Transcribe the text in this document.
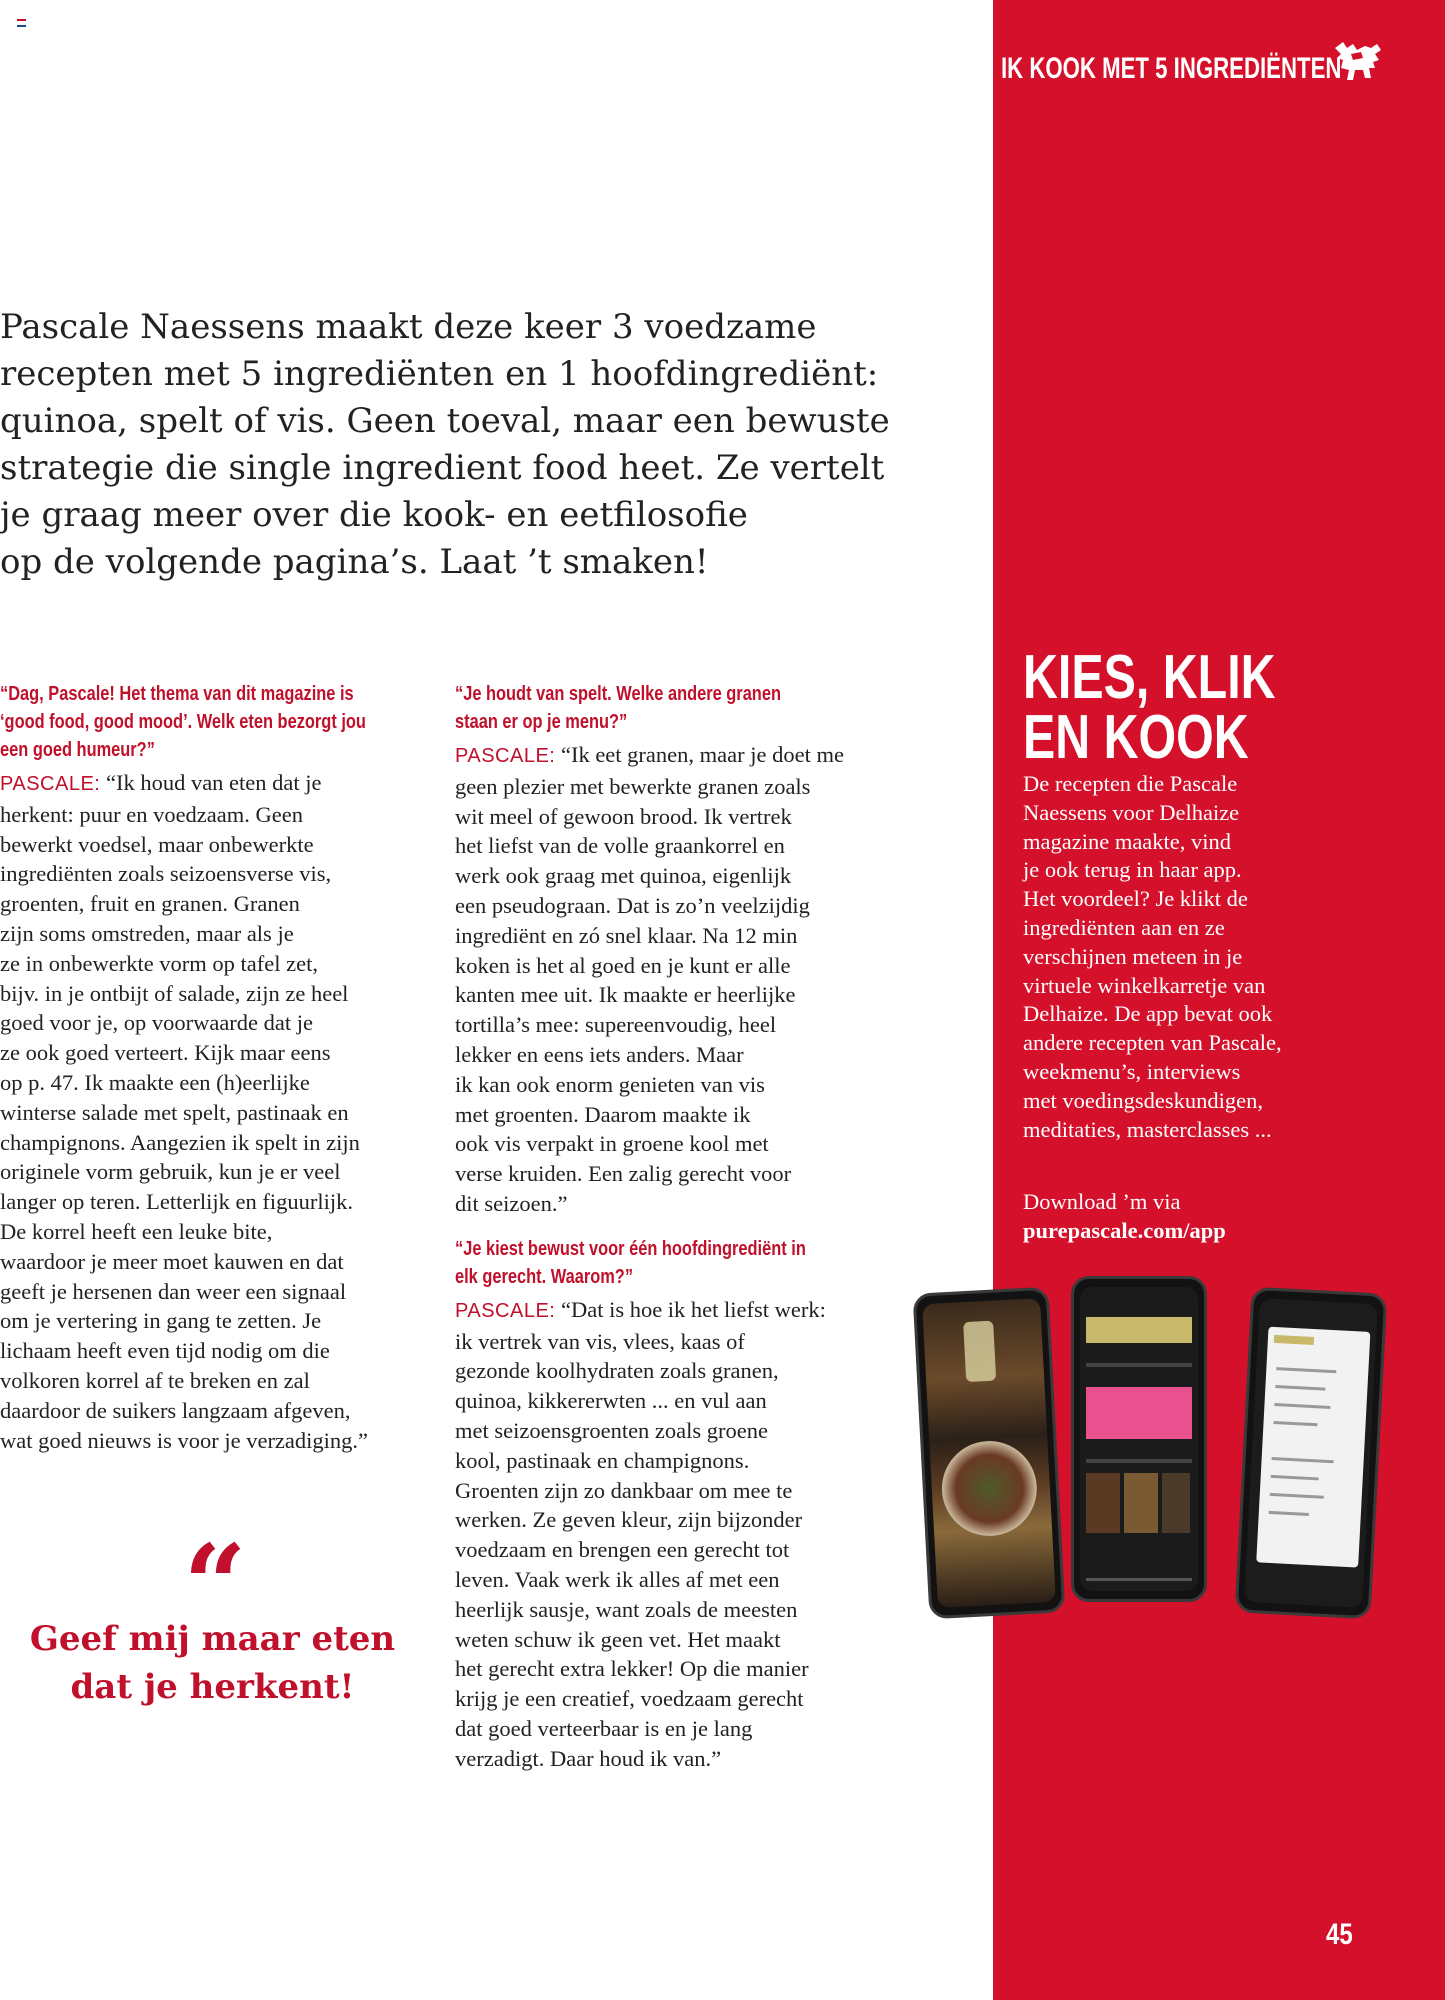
Pascale Naessens maakt deze keer 3 voedzame
recepten met 5 ingrediënten en 1 hoofdingrediënt:
quinoa, spelt of vis. Geen toeval, maar een bewuste
strategie die single ingredient food heet. Ze vertelt
je graag meer over die kook- en eetfilosofie
op de volgende pagina’s. Laat ’t smaken!

“Dag, Pascale! Het thema van dit magazine is
‘good food, good mood’. Welk eten bezorgt jou
een goed humeur?”

PASCALE: “Ik houd van eten dat je
herkent: puur en voedzaam. Geen
bewerkt voedsel, maar onbewerkte
ingrediënten zoals seizoensverse vis,
groenten, fruit en granen. Granen
zijn soms omstreden, maar als je
ze in onbewerkte vorm op tafel zet,
bijv. in je ontbijt of salade, zijn ze heel
goed voor je, op voorwaarde dat je
ze ook goed verteert. Kijk maar eens
op p. 47. Ik maakte een (h)eerlijke
winterse salade met spelt, pastinaak en
champignons. Aangezien ik spelt in zijn
originele vorm gebruik, kun je er veel
langer op teren. Letterlijk en figuurlijk.
De korrel heeft een leuke bite,
waardoor je meer moet kauwen en dat
geeft je hersenen dan weer een signaal
om je vertering in gang te zetten. Je
lichaam heeft even tijd nodig om die
volkoren korrel af te breken en zal
daardoor de suikers langzaam afgeven,
wat goed nieuws is voor je verzadiging.”

“Je houdt van spelt. Welke andere granen
staan er op je menu?”

PASCALE: “Ik eet granen, maar je doet me
geen plezier met bewerkte granen zoals
wit meel of gewoon brood. Ik vertrek
het liefst van de volle graankorrel en
werk ook graag met quinoa, eigenlijk
een pseudograan. Dat is zo’n veelzijdig
ingrediënt en zó snel klaar. Na 12 min
koken is het al goed en je kunt er alle
kanten mee uit. Ik maakte er heerlijke
tortilla’s mee: supereenvoudig, heel
lekker en eens iets anders. Maar
ik kan ook enorm genieten van vis
met groenten. Daarom maakte ik
ook vis verpakt in groene kool met
verse kruiden. Een zalig gerecht voor
dit seizoen.”

“Je kiest bewust voor één hoofdingrediënt in
elk gerecht. Waarom?”

PASCALE: “Dat is hoe ik het liefst werk:
ik vertrek van vis, vlees, kaas of
gezonde koolhydraten zoals granen,
quinoa, kikkererwten ... en vul aan
met seizoensgroenten zoals groene
kool, pastinaak en champignons.
Groenten zijn zo dankbaar om mee te
werken. Ze geven kleur, zijn bijzonder
voedzaam en brengen een gerecht tot
leven. Vaak werk ik alles af met een
heerlijk sausje, want zoals de meesten
weten schuw ik geen vet. Het maakt
het gerecht extra lekker! Op die manier
krijg je een creatief, voedzaam gerecht
dat goed verteerbaar is en je lang
verzadigt. Daar houd ik van.”

“

Geef mij maar eten
dat je herkent!

IK KOOK MET 5 INGREDIËNTEN

KIES, KLIK
EN KOOK

De recepten die Pascale
Naessens voor Delhaize
magazine maakte, vind
je ook terug in haar app.
Het voordeel? Je klikt de
ingrediënten aan en ze
verschijnen meteen in je
virtuele winkelkarretje van
Delhaize. De app bevat ook
andere recepten van Pascale,
weekmenu’s, interviews
met voedingsdeskundigen,
meditaties, masterclasses ...

Download ’m via
purepascale.com/app

45
